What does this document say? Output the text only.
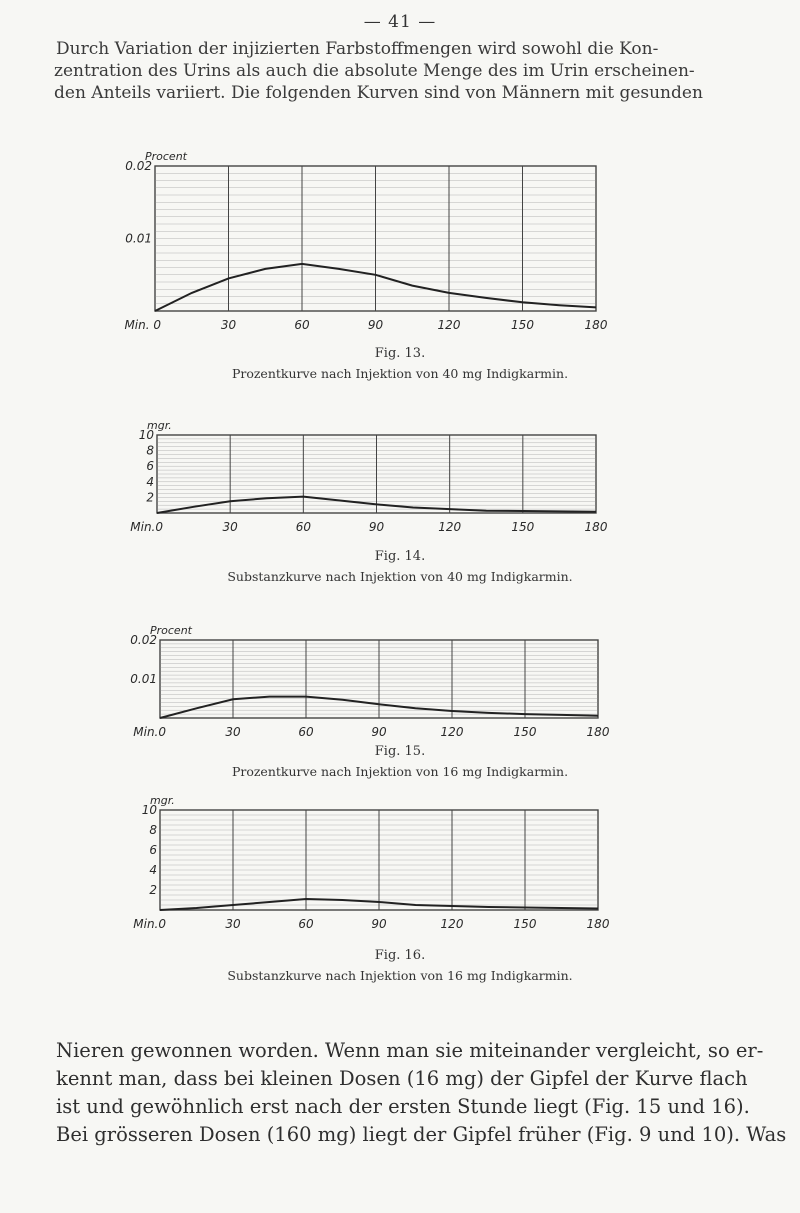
— 41 —
Durch Variation der injizierten Farbstoffmengen wird sowohl die Kon-
zentration des Urins als auch die absolute Menge des im Urin erscheinen-
den Anteils variiert. Die folgenden Kurven sind von Männern mit gesunden
Procent
0.02
0.01
Min. 0	30	60	90	120	150	180
Fig. 13.
Prozentkurve nach Injektion von 40 mg Indigkarmin.
mgr.
10
8
6
4
2
Min.0	30	60	90	120	150	180
Fig. 14.
Substanzkurve nach Injektion von 40 mg Indigkarmin.
Procent
0.02
0.01
Min.0	30	60	90	120	150	180
Fig. 15.
Prozentkurve nach Injektion von 16 mg Indigkarmin.
mgr.
10
8
6
4
2
Min.0	30	60	90	120	150	180
Fig. 16.
Substanzkurve nach Injektion von 16 mg Indigkarmin.
Nieren gewonnen worden. Wenn man sie miteinander vergleicht, so er-
kennt man, dass bei kleinen Dosen (16 mg) der Gipfel der Kurve flach
ist und gewöhnlich erst nach der ersten Stunde liegt (Fig. 15 und 16).
Bei grösseren Dosen (160 mg) liegt der Gipfel früher (Fig. 9 und 10). Was
